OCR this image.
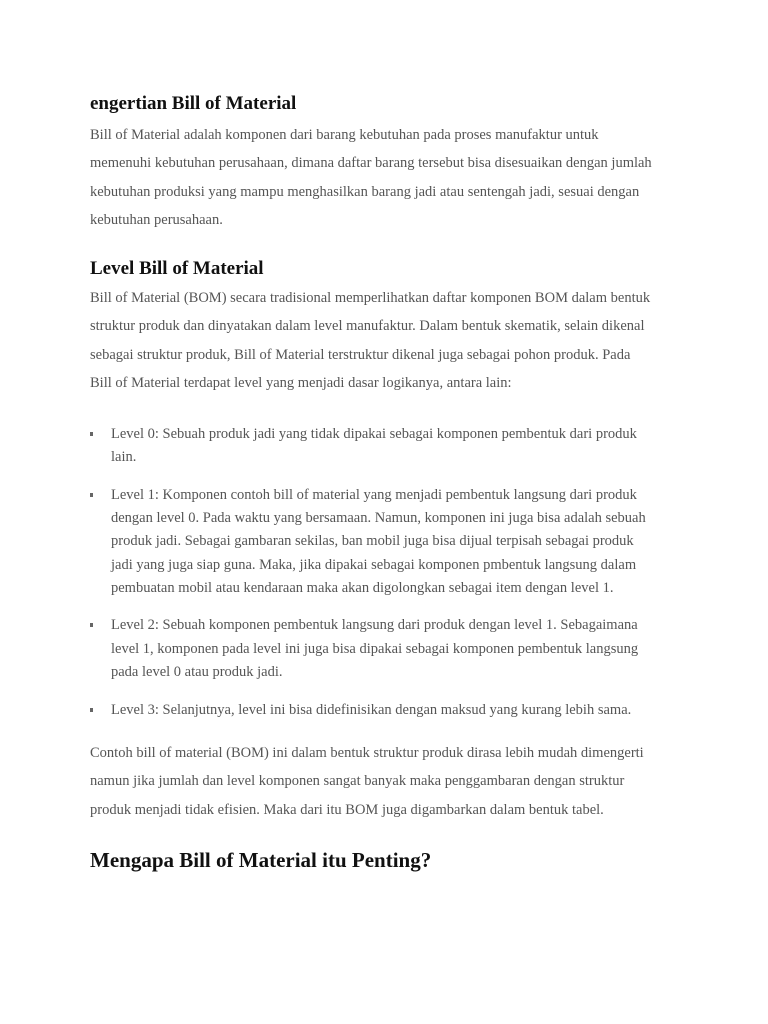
engertian Bill of Material

Bill of Material adalah komponen dari barang kebutuhan pada proses manufaktur untuk
memenuhi kebutuhan perusahaan, dimana daftar barang tersebut bisa disesuaikan dengan jumlah
kebutuhan produksi yang mampu menghasilkan barang jadi atau sentengah jadi, sesuai dengan
kebutuhan perusahaan.

Level Bill of Material

Bill of Material (BOM) secara tradisional memperlihatkan daftar komponen BOM dalam bentuk
struktur produk dan dinyatakan dalam level manufaktur. Dalam bentuk skematik, selain dikenal
sebagai struktur produk, Bill of Material terstruktur dikenal juga sebagai pohon produk. Pada
Bill of Material terdapat level yang menjadi dasar logikanya, antara lain:

Level 0: Sebuah produk jadi yang tidak dipakai sebagai komponen pembentuk dari produk
lain.
Level 1: Komponen contoh bill of material yang menjadi pembentuk langsung dari produk
dengan level 0. Pada waktu yang bersamaan. Namun, komponen ini juga bisa adalah sebuah
produk jadi. Sebagai gambaran sekilas, ban mobil juga bisa dijual terpisah sebagai produk
jadi yang juga siap guna. Maka, jika dipakai sebagai komponen pmbentuk langsung dalam
pembuatan mobil atau kendaraan maka akan digolongkan sebagai item dengan level 1.
Level 2: Sebuah komponen pembentuk langsung dari produk dengan level 1. Sebagaimana
level 1, komponen pada level ini juga bisa dipakai sebagai komponen pembentuk langsung
pada level 0 atau produk jadi.
Level 3: Selanjutnya, level ini bisa didefinisikan dengan maksud yang kurang lebih sama.

Contoh bill of material (BOM) ini dalam bentuk struktur produk dirasa lebih mudah dimengerti
namun jika jumlah dan level komponen sangat banyak maka penggambaran dengan struktur
produk menjadi tidak efisien. Maka dari itu BOM juga digambarkan dalam bentuk tabel.

Mengapa Bill of Material itu Penting?
